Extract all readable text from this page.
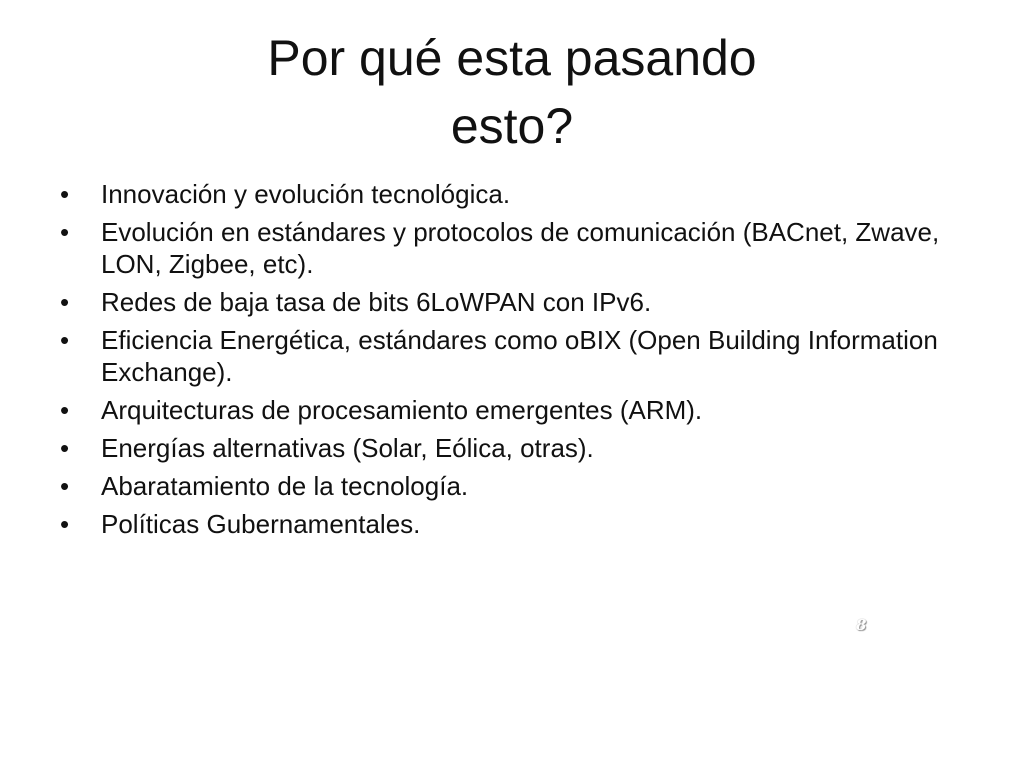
Por qué esta pasando
esto?
•	Innovación y evolución tecnológica.
•	Evolución en estándares y protocolos de comunicación (BACnet, Zwave, LON, Zigbee, etc).
•	Redes de baja tasa de bits 6LoWPAN con IPv6.
•	Eficiencia Energética, estándares como oBIX (Open Building Information Exchange).
•	Arquitecturas de procesamiento emergentes (ARM).
•	Energías alternativas (Solar, Eólica, otras).
•	Abaratamiento de la tecnología.
•	Políticas Gubernamentales.
8
